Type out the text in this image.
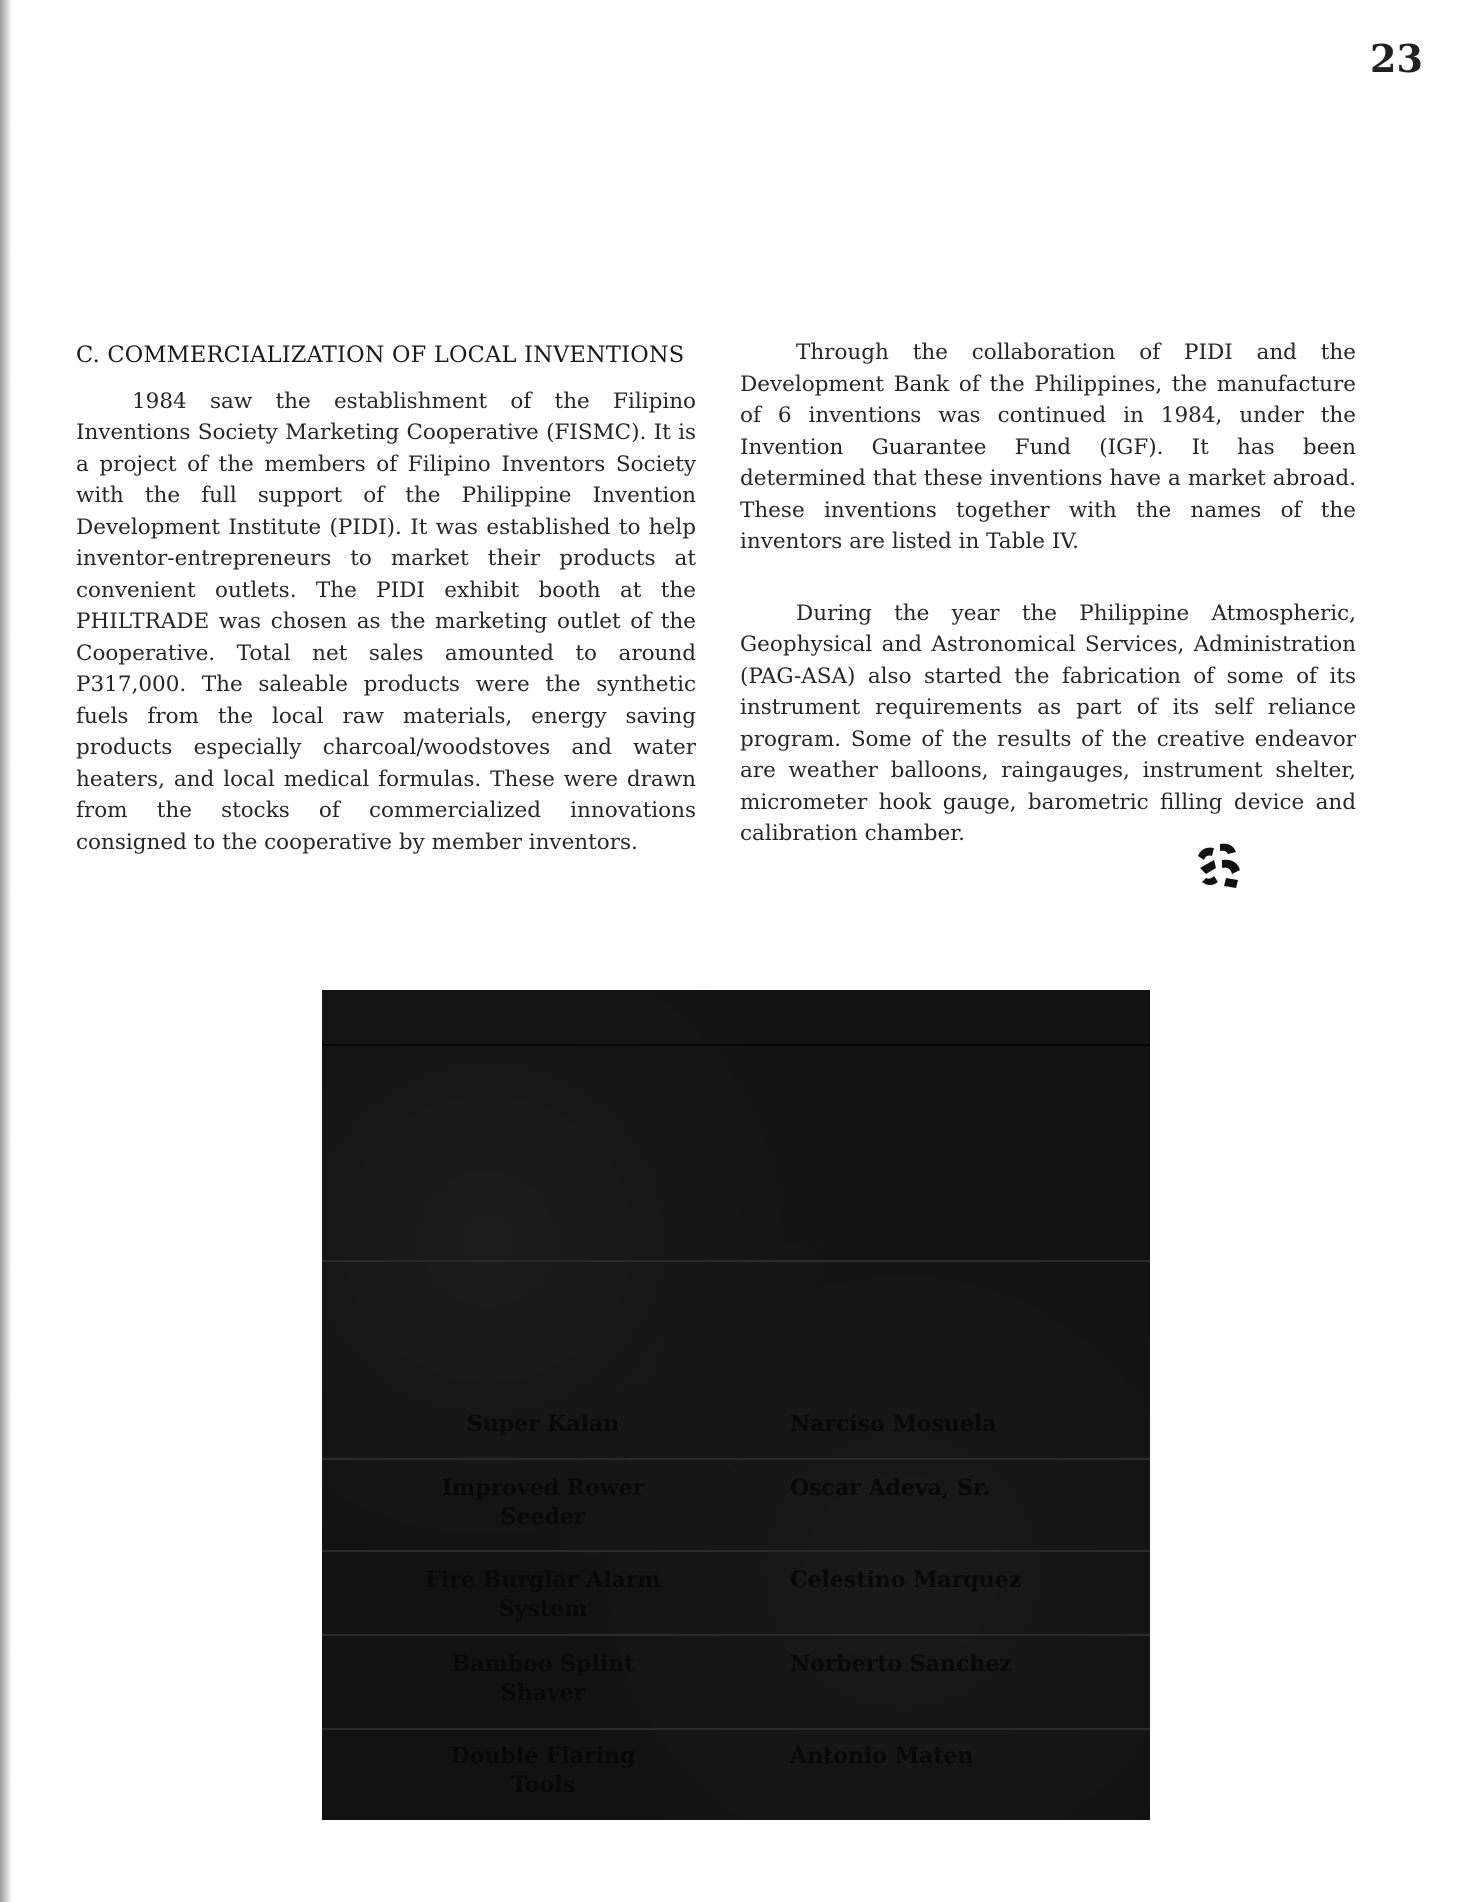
23
C. COMMERCIALIZATION OF LOCAL INVENTIONS

1984 saw the establishment of the Filipino Inventions Society Marketing Cooperative (FISMC). It is a project of the members of Filipino Inventors Society with the full support of the Philippine Invention Development Institute (PIDI). It was established to help inventor-entrepreneurs to market their products at convenient outlets. The PIDI exhibit booth at the PHILTRADE was chosen as the marketing outlet of the Cooperative. Total net sales amounted to around P317,000. The saleable products were the synthetic fuels from the local raw materials, energy saving products especially charcoal/woodstoves and water heaters, and local medical formulas. These were drawn from the stocks of commercialized innovations consigned to the cooperative by member inventors.

Through the collaboration of PIDI and the Development Bank of the Philippines, the manufacture of 6 inventions was continued in 1984, under the Invention Guarantee Fund (IGF). It has been determined that these inventions have a market abroad. These inventions together with the names of the inventors are listed in Table IV.

During the year the Philippine Atmospheric, Geophysical and Astronomical Services, Administration (PAG-ASA) also started the fabrication of some of its instrument requirements as part of its self reliance program. Some of the results of the creative endeavor are weather balloons, raingauges, instrument shelter, micrometer hook gauge, barometric filling device and calibration chamber.

Super Kalan	Narciso Mosuela
Improved Rower Seeder
Oscar Adeva, Sr.
Fire Burglar Alarm System
Celestino Marquez
Bamboo Splint Shaver
Norberto Sanchez
Double Flaring Tools
Antonio Maten
